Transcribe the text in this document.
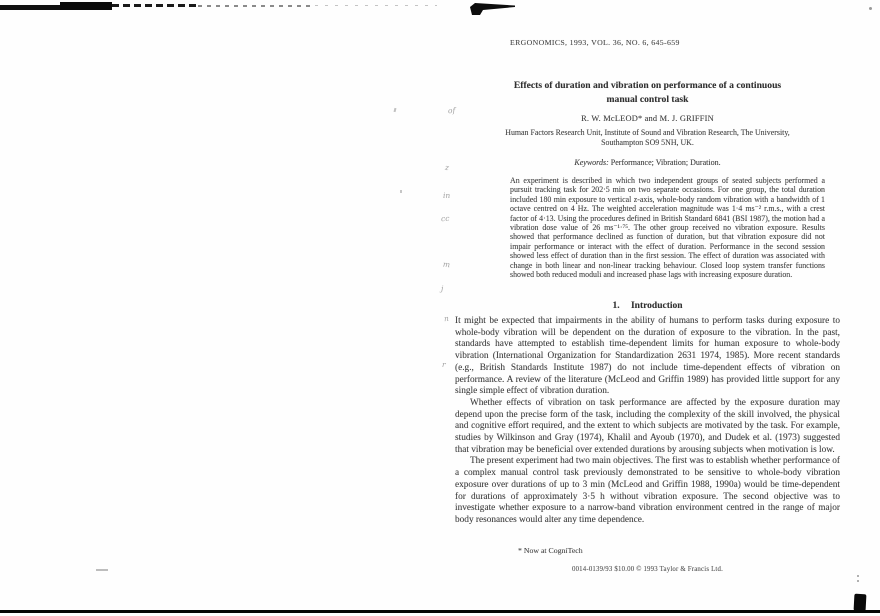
of
z
in
cc
m
j
n
r
ERGONOMICS, 1993, VOL. 36, NO. 6, 645-659
Effects of duration and vibration on performance of a continuous
manual control task
R. W. McLEOD* and M. J. GRIFFIN
Human Factors Research Unit, Institute of Sound and Vibration Research, The University,
Southampton SO9 5NH, UK.
Keywords: Performance; Vibration; Duration.
An experiment is described in which two independent groups of seated subjects performed a pursuit tracking task for 202·5 min on two separate occasions. For one group, the total duration included 180 min exposure to vertical z-axis, whole-body random vibration with a bandwidth of 1 octave centred on 4 Hz. The weighted acceleration magnitude was 1·4 ms⁻² r.m.s., with a crest factor of 4·13. Using the procedures defined in British Standard 6841 (BSI 1987), the motion had a vibration dose value of 26 ms⁻¹·⁷⁵. The other group received no vibration exposure. Results showed that performance declined as function of duration, but that vibration exposure did not impair performance or interact with the effect of duration. Performance in the second session showed less effect of duration than in the first session. The effect of duration was associated with change in both linear and non-linear tracking behaviour. Closed loop system transfer functions showed both reduced moduli and increased phase lags with increasing exposure duration.
1. Introduction

It might be expected that impairments in the ability of humans to perform tasks during exposure to whole-body vibration will be dependent on the duration of exposure to the vibration. In the past, standards have attempted to establish time-dependent limits for human exposure to whole-body vibration (International Organization for Standardization 2631 1974, 1985). More recent standards (e.g., British Standards Institute 1987) do not include time-dependent effects of vibration on performance. A review of the literature (McLeod and Griffin 1989) has provided little support for any single simple effect of vibration duration.

Whether effects of vibration on task performance are affected by the exposure duration may depend upon the precise form of the task, including the complexity of the skill involved, the physical and cognitive effort required, and the extent to which subjects are motivated by the task. For example, studies by Wilkinson and Gray (1974), Khalil and Ayoub (1970), and Dudek et al. (1973) suggested that vibration may be beneficial over extended durations by arousing subjects when motivation is low.

The present experiment had two main objectives. The first was to establish whether performance of a complex manual control task previously demonstrated to be sensitive to whole-body vibration exposure over durations of up to 3 min (McLeod and Griffin 1988, 1990a) would be time-dependent for durations of approximately 3·5 h without vibration exposure. The second objective was to investigate whether exposure to a narrow-band vibration environment centred in the range of major body resonances would alter any time dependence.

* Now at CogniTech
0014-0139/93 $10.00 © 1993 Taylor & Francis Ltd.
